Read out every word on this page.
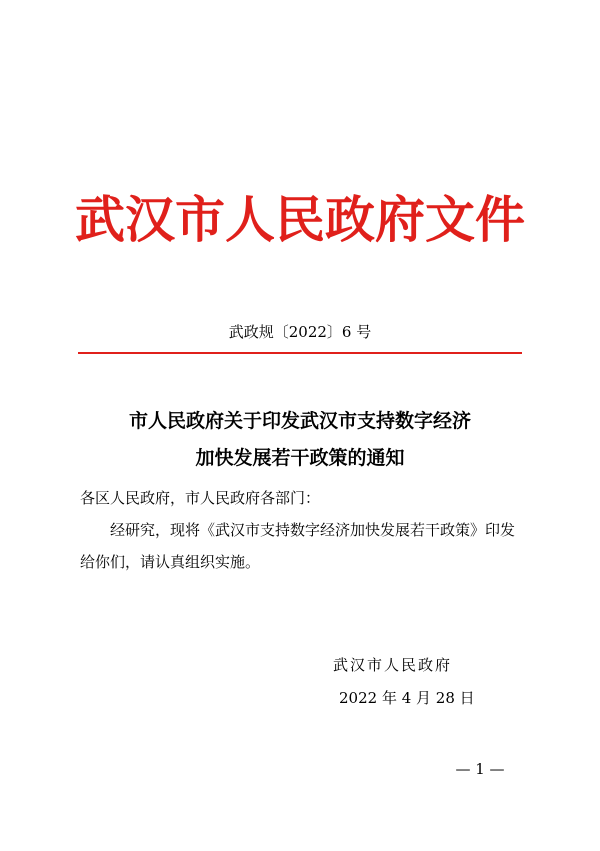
武汉市人民政府文件
武政规〔2022〕6 号
市人民政府关于印发武汉市支持数字经济
加快发展若干政策的通知
各区人民政府，市人民政府各部门：
经研究，现将《武汉市支持数字经济加快发展若干政策》印发
给你们，请认真组织实施。
武汉市人民政府
2022 年 4 月 28 日
— 1 —
